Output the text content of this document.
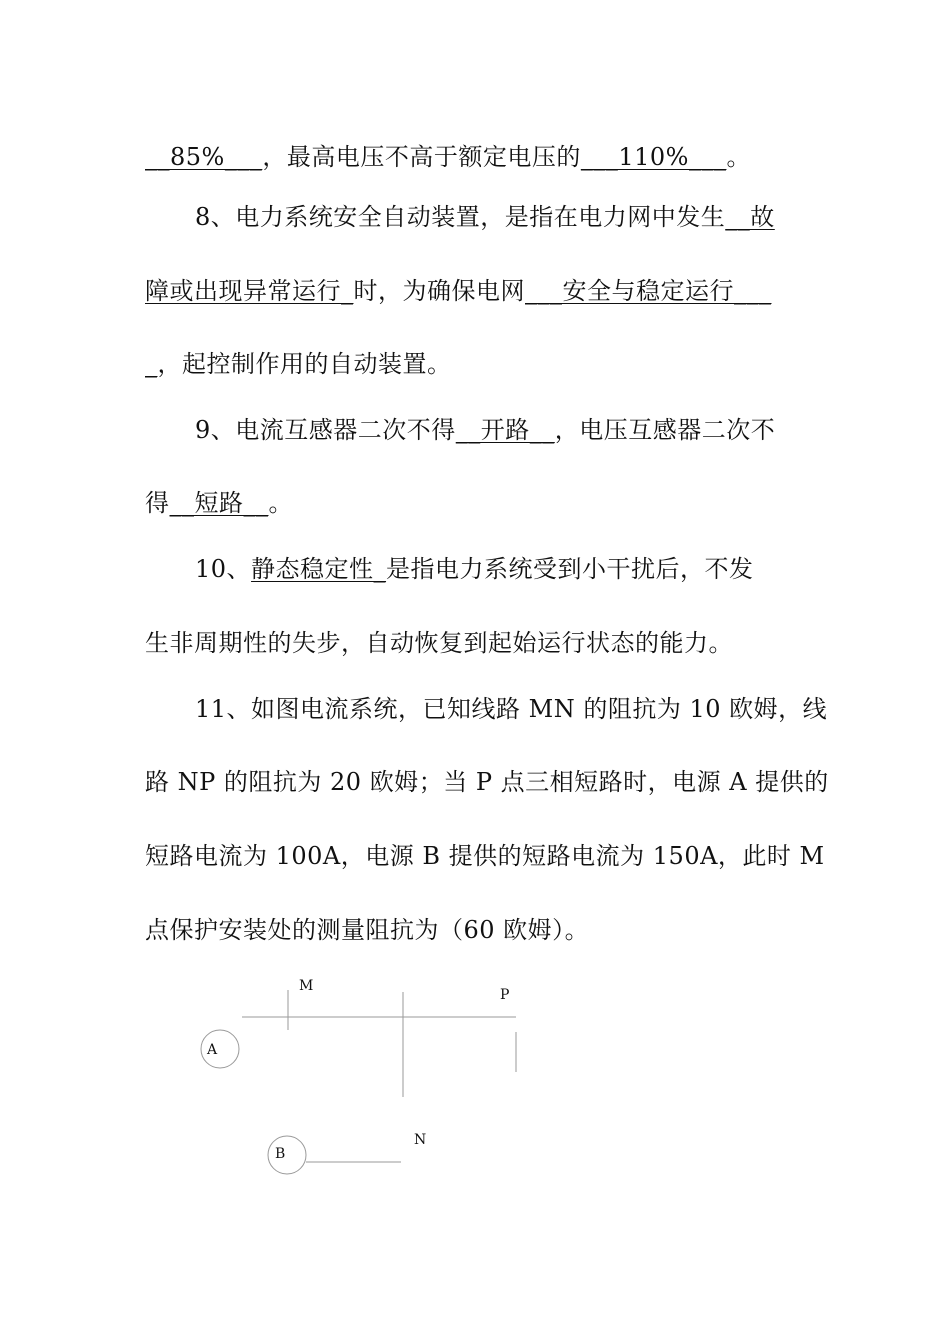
__85%___，最高电压不高于额定电压的___110%___。
8、电力系统安全自动装置，是指在电力网中发生__故
障或出现异常运行_时，为确保电网___安全与稳定运行___
_，起控制作用的自动装置。
9、电流互感器二次不得__开路__，电压互感器二次不
得__短路__。
10、静态稳定性_是指电力系统受到小干扰后，不发
生非周期性的失步，自动恢复到起始运行状态的能力。
11、如图电流系统，已知线路 MN 的阻抗为 10 欧姆，线
路 NP 的阻抗为 20 欧姆；当 P 点三相短路时，电源 A 提供的
短路电流为 100A，电源 B 提供的短路电流为 150A，此时 M
点保护安装处的测量阻抗为（60 欧姆）。
M
P
A
N
B
